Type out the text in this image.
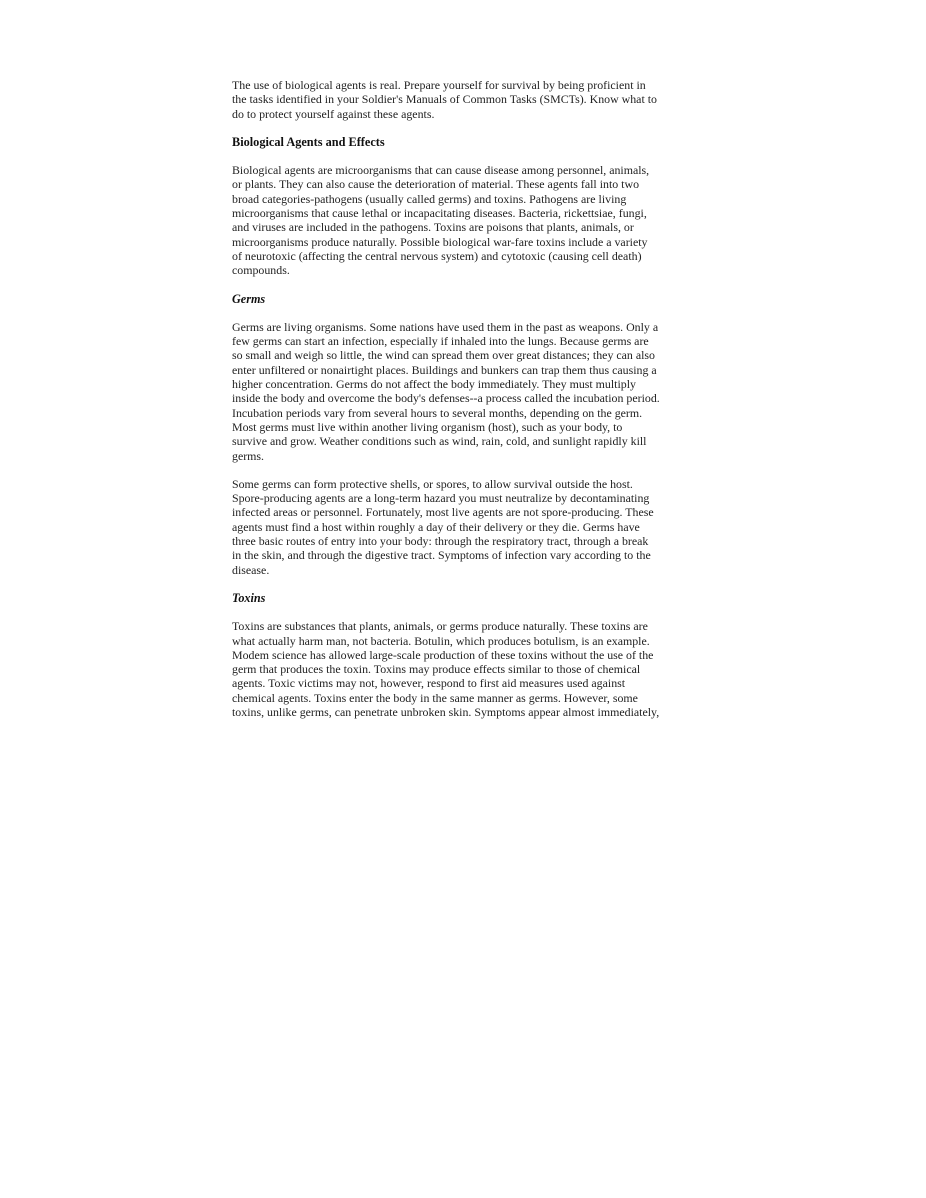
The use of biological agents is real. Prepare yourself for survival by being proficient in
the tasks identified in your Soldier's Manuals of Common Tasks (SMCTs). Know what to
do to protect yourself against these agents.

Biological Agents and Effects

Biological agents are microorganisms that can cause disease among personnel, animals,
or plants. They can also cause the deterioration of material. These agents fall into two
broad categories-pathogens (usually called germs) and toxins. Pathogens are living
microorganisms that cause lethal or incapacitating diseases. Bacteria, rickettsiae, fungi,
and viruses are included in the pathogens. Toxins are poisons that plants, animals, or
microorganisms produce naturally. Possible biological war-fare toxins include a variety
of neurotoxic (affecting the central nervous system) and cytotoxic (causing cell death)
compounds.

Germs

Germs are living organisms. Some nations have used them in the past as weapons. Only a
few germs can start an infection, especially if inhaled into the lungs. Because germs are
so small and weigh so little, the wind can spread them over great distances; they can also
enter unfiltered or nonairtight places. Buildings and bunkers can trap them thus causing a
higher concentration. Germs do not affect the body immediately. They must multiply
inside the body and overcome the body's defenses--a process called the incubation period.
Incubation periods vary from several hours to several months, depending on the germ.
Most germs must live within another living organism (host), such as your body, to
survive and grow. Weather conditions such as wind, rain, cold, and sunlight rapidly kill
germs.

Some germs can form protective shells, or spores, to allow survival outside the host.
Spore-producing agents are a long-term hazard you must neutralize by decontaminating
infected areas or personnel. Fortunately, most live agents are not spore-producing. These
agents must find a host within roughly a day of their delivery or they die. Germs have
three basic routes of entry into your body: through the respiratory tract, through a break
in the skin, and through the digestive tract. Symptoms of infection vary according to the
disease.

Toxins

Toxins are substances that plants, animals, or germs produce naturally. These toxins are
what actually harm man, not bacteria. Botulin, which produces botulism, is an example.
Modem science has allowed large-scale production of these toxins without the use of the
germ that produces the toxin. Toxins may produce effects similar to those of chemical
agents. Toxic victims may not, however, respond to first aid measures used against
chemical agents. Toxins enter the body in the same manner as germs. However, some
toxins, unlike germs, can penetrate unbroken skin. Symptoms appear almost immediately,
